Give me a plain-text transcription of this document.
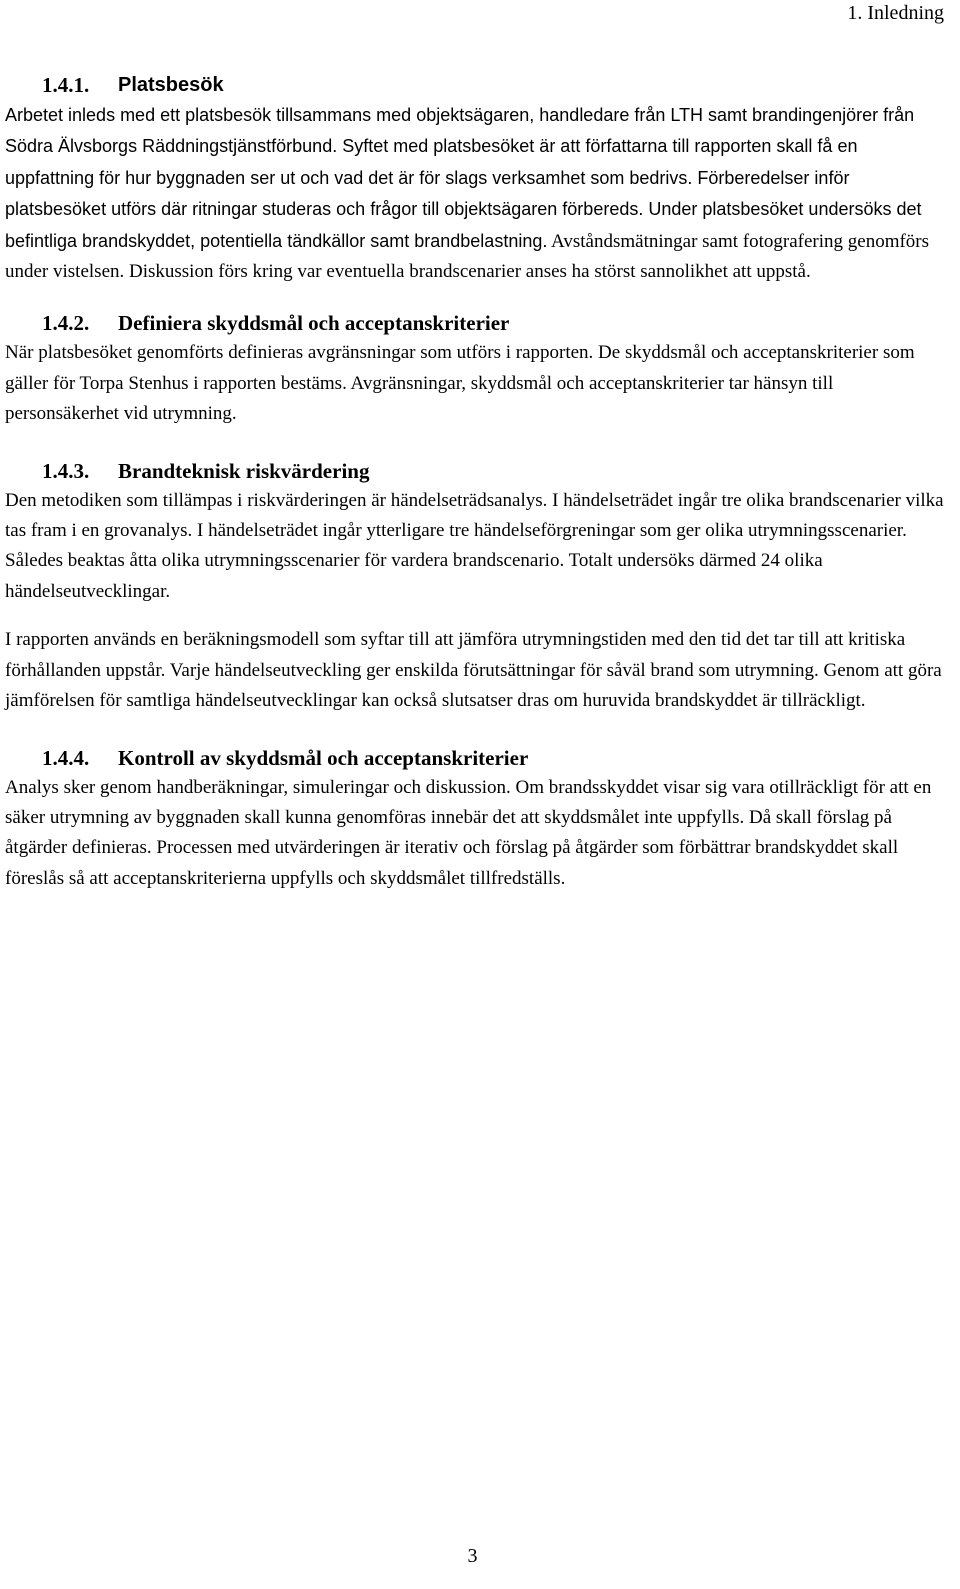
1. Inledning
1.4.1.	Platsbesök

Arbetet inleds med ett platsbesök tillsammans med objektsägaren, handledare från LTH samt brandingenjörer från Södra Älvsborgs Räddningstjänstförbund. Syftet med platsbesöket är att författarna till rapporten skall få en uppfattning för hur byggnaden ser ut och vad det är för slags verksamhet som bedrivs. Förberedelser inför platsbesöket utförs där ritningar studeras och frågor till objektsägaren förbereds. Under platsbesöket undersöks det befintliga brandskyddet, potentiella tändkällor samt brandbelastning. Avståndsmätningar samt fotografering genomförs under vistelsen. Diskussion förs kring var eventuella brandscenarier anses ha störst sannolikhet att uppstå.

1.4.2.	Definiera skyddsmål och acceptanskriterier

När platsbesöket genomförts definieras avgränsningar som utförs i rapporten. De skyddsmål och acceptanskriterier som gäller för Torpa Stenhus i rapporten bestäms. Avgränsningar, skyddsmål och acceptanskriterier tar hänsyn till personsäkerhet vid utrymning.

1.4.3.	Brandteknisk riskvärdering

Den metodiken som tillämpas i riskvärderingen är händelseträdsanalys. I händelseträdet ingår tre olika brandscenarier vilka tas fram i en grovanalys. I händelseträdet ingår ytterligare tre händelseförgreningar som ger olika utrymningsscenarier. Således beaktas åtta olika utrymningsscenarier för vardera brandscenario. Totalt undersöks därmed 24 olika händelseutvecklingar.

I rapporten används en beräkningsmodell som syftar till att jämföra utrymningstiden med den tid det tar till att kritiska förhållanden uppstår. Varje händelseutveckling ger enskilda förutsättningar för såväl brand som utrymning. Genom att göra jämförelsen för samtliga händelseutvecklingar kan också slutsatser dras om huruvida brandskyddet är tillräckligt.

1.4.4.	Kontroll av skyddsmål och acceptanskriterier

Analys sker genom handberäkningar, simuleringar och diskussion. Om brandsskyddet visar sig vara otillräckligt för att en säker utrymning av byggnaden skall kunna genomföras innebär det att skyddsmålet inte uppfylls. Då skall förslag på åtgärder definieras. Processen med utvärderingen är iterativ och förslag på åtgärder som förbättrar brandskyddet skall föreslås så att acceptanskriterierna uppfylls och skyddsmålet tillfredställs.

3
